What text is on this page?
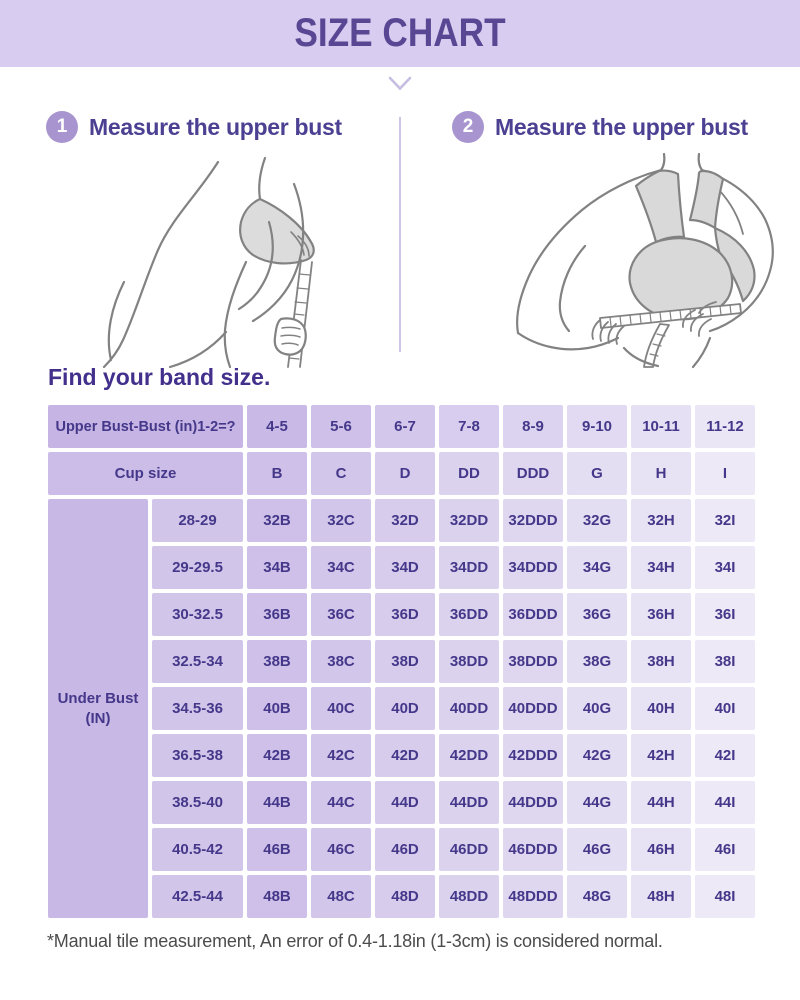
SIZE CHART
1 Measure the upper bust	2 Measure the upper bust
Find your band size.
Upper Bust-Bust (in)1-2=?	4-5	5-6	6-7	7-8	8-9	9-10	10-11	11-12
Cup size	B	C	D	DD	DDD	G	H	I
Under Bust
(IN)
28-29	32B	32C	32D	32DD	32DDD	32G	32H	32I
29-29.5	34B	34C	34D	34DD	34DDD	34G	34H	34I
30-32.5	36B	36C	36D	36DD	36DDD	36G	36H	36I
32.5-34	38B	38C	38D	38DD	38DDD	38G	38H	38I
34.5-36	40B	40C	40D	40DD	40DDD	40G	40H	40I
36.5-38	42B	42C	42D	42DD	42DDD	42G	42H	42I
38.5-40	44B	44C	44D	44DD	44DDD	44G	44H	44I
40.5-42	46B	46C	46D	46DD	46DDD	46G	46H	46I
42.5-44	48B	48C	48D	48DD	48DDD	48G	48H	48I
*Manual tile measurement, An error of 0.4-1.18in (1-3cm) is considered normal.
